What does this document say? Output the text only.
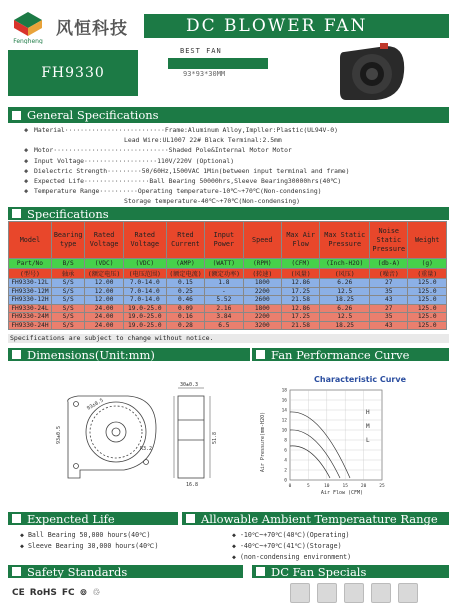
Fengheng
风恒科技	DC BLOWER FAN
FH9330
BEST FAN
93*93*30MM
General Specifications
◆ Material··························Frame:Aluminum Alloy,Impller:Plastic(UL94V-0)
Lead Wire:UL1007 22# Black Terminal:2.5mm
◆ Motor······························Shaded Pole&Internal Motor Motor
◆ Input Voltage···················110V/220V (Optional)
◆ Dielectric Strength·········50/60Hz,1500VAC 1Min(between input terminal and frame)
◆ Expected Life·················Ball Bearing 50000hrs,Sleeve Bearing30000hrs(40℃)
◆ Temperature Range··········Operating temperature-10℃~+70℃(Non-condensing)
Storage temperature-40℃~+70℃(Non-condensing)
Specifications
Model	Bearing type	Rated Voltage	Rated Voltage	Rted Current	Input Power	Speed	Max Air Flow	Max Static Pressure	Noise Static Pressure	Weight
Part/No	B/S	(VDC)	(VDC)	(AMP)	(WATT)	(RPM)	(CFM)	(Inch-H2O)	(db-A)	(g)
(型号)	轴承	(额定电压)	(电压范围)	(额定电流)	(额定功率)	(转速)	(风量)	(风压)	(噪音)	(重量)
FH9330-12L	S/S	12.00	7.0-14.0	0.15	1.8	1800	12.86	6.26	27	125.0
FH9330-12M	S/S	12.00	7.0-14.0	0.25	-	2200	17.25	12.5	35	125.0
FH9330-12H	S/S	12.00	7.0-14.0	0.46	5.52	2600	21.58	18.25	43	125.0
FH9330-24L	S/S	24.00	19.0-25.0	0.09	2.16	1800	12.86	6.26	27	125.0
FH9330-24M	S/S	24.00	19.0-25.0	0.16	3.84	2200	17.25	12.5	35	125.0
FH9330-24H	S/S	24.00	19.0-25.0	0.28	6.5	3200	21.58	18.25	43	125.0
Specifications are subject to change without notice.
Dimensions(Unit:mm)	Fan Performance Curve
30±0.3
93±0.5
93±0.5
R3.2
16.8
51.8
Characteristic Curve
Air Pressure(mm-H2O)
Air Flow (CFM)
0
2
4
6
8
10
12
14
16
18
0	5	10	15	20	25
H
M
L
Expencted Life	Allowable Ambient Temperaature Range
◆ Ball Bearing 50,000 hours(40℃)
◆ Sleeve Bearing 30,000 hours(40℃)
◆ -10℃~+70℃(40℃)(Operating)
◆ -40℃~+70℃(41℃)(Storage)
◆ (non-condensing environment)
Safety Standards	DC Fan Specials
CE RoHS FC ⊚ ♲
